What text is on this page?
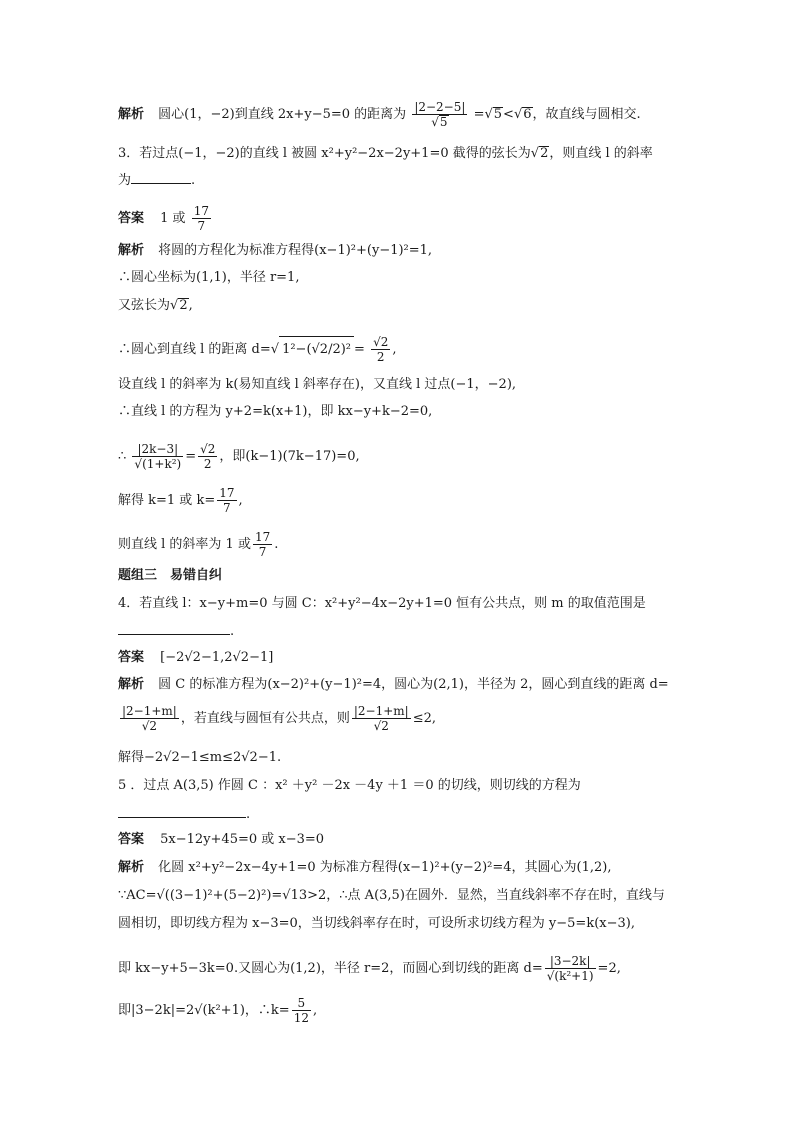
解析 圆心(1，−2)到直线 2x+y−5=0 的距离为 $\frac{|2-2-5|}{√5} =√5<√6$，故直线与圆相交.
3．若过点(−1，−2)的直线 l 被圆 x²+y²−2x−2y+1=0 截得的弦长为√2，则直线 l 的斜率
为	.
答案 1 或 $\frac{17}{7}$
解析 将圆的方程化为标准方程得(x−1)²+(y−1)²=1,
∴圆心坐标为(1,1)，半径 r=1,
又弦长为√2,
∴圆心到直线 l 的距离 d=√ $1^2-(√2/2)^2 = \frac{√2}{2}$ ,
设直线 l 的斜率为 k(易知直线 l 斜率存在)，又直线 l 过点(−1，−2),
∴直线 l 的方程为 y+2=k(x+1)，即 kx−y+k−2=0,
∴ $\frac{|2k-3|}{\text{√(1+k²)}} = \frac{√2}{2}$ ，即(k−1)(7k−17)=0,
解得 k=1 或 $k= \frac{17}{7}$ ,
则直线 l 的斜率为 1 或 $\frac{17}{7}$ .
题组三　易错自纠
4．若直线 l：x−y+m=0 与圆 C：x²+y²−4x−2y+1=0 恒有公共点，则 m 的取值范围是
.
答案 [−2√2−1,2√2−1]
解析 圆 C 的标准方程为(x−2)²+(y−1)²=4，圆心为(2,1)，半径为 2，圆心到直线的距离 d=
$\frac{|2-1+m|}{√2}$ ，若直线与圆恒有公共点，则 $\frac{|2-1+m|}{√2} \le 2$,
解得−2√2−1≤m≤2√2−1.
5 ．过点 A(3,5) 作圆 C ：x² ＋y² －2x －4y ＋1 ＝0 的切线，则切线的方程为
.
答案 5x−12y+45=0 或 x−3=0
解析 化圆 x²+y²−2x−4y+1=0 为标准方程得(x−1)²+(y−2)²=4，其圆心为(1,2),
∵AC=√((3−1)²+(5−2)²)=√13>2，∴点 A(3,5)在圆外．显然，当直线斜率不存在时，直线与
圆相切，即切线方程为 x−3=0，当切线斜率存在时，可设所求切线方程为 y−5=k(x−3),
即 kx−y+5−3k=0.又圆心为(1,2)，半径 r=2，而圆心到切线的距离 $d= \frac{|3-2k|}{\text{√(k²+1)}} =2$,
即|3−2k|=2√(k²+1)，∴k= $\frac{5}{12}$ ,
